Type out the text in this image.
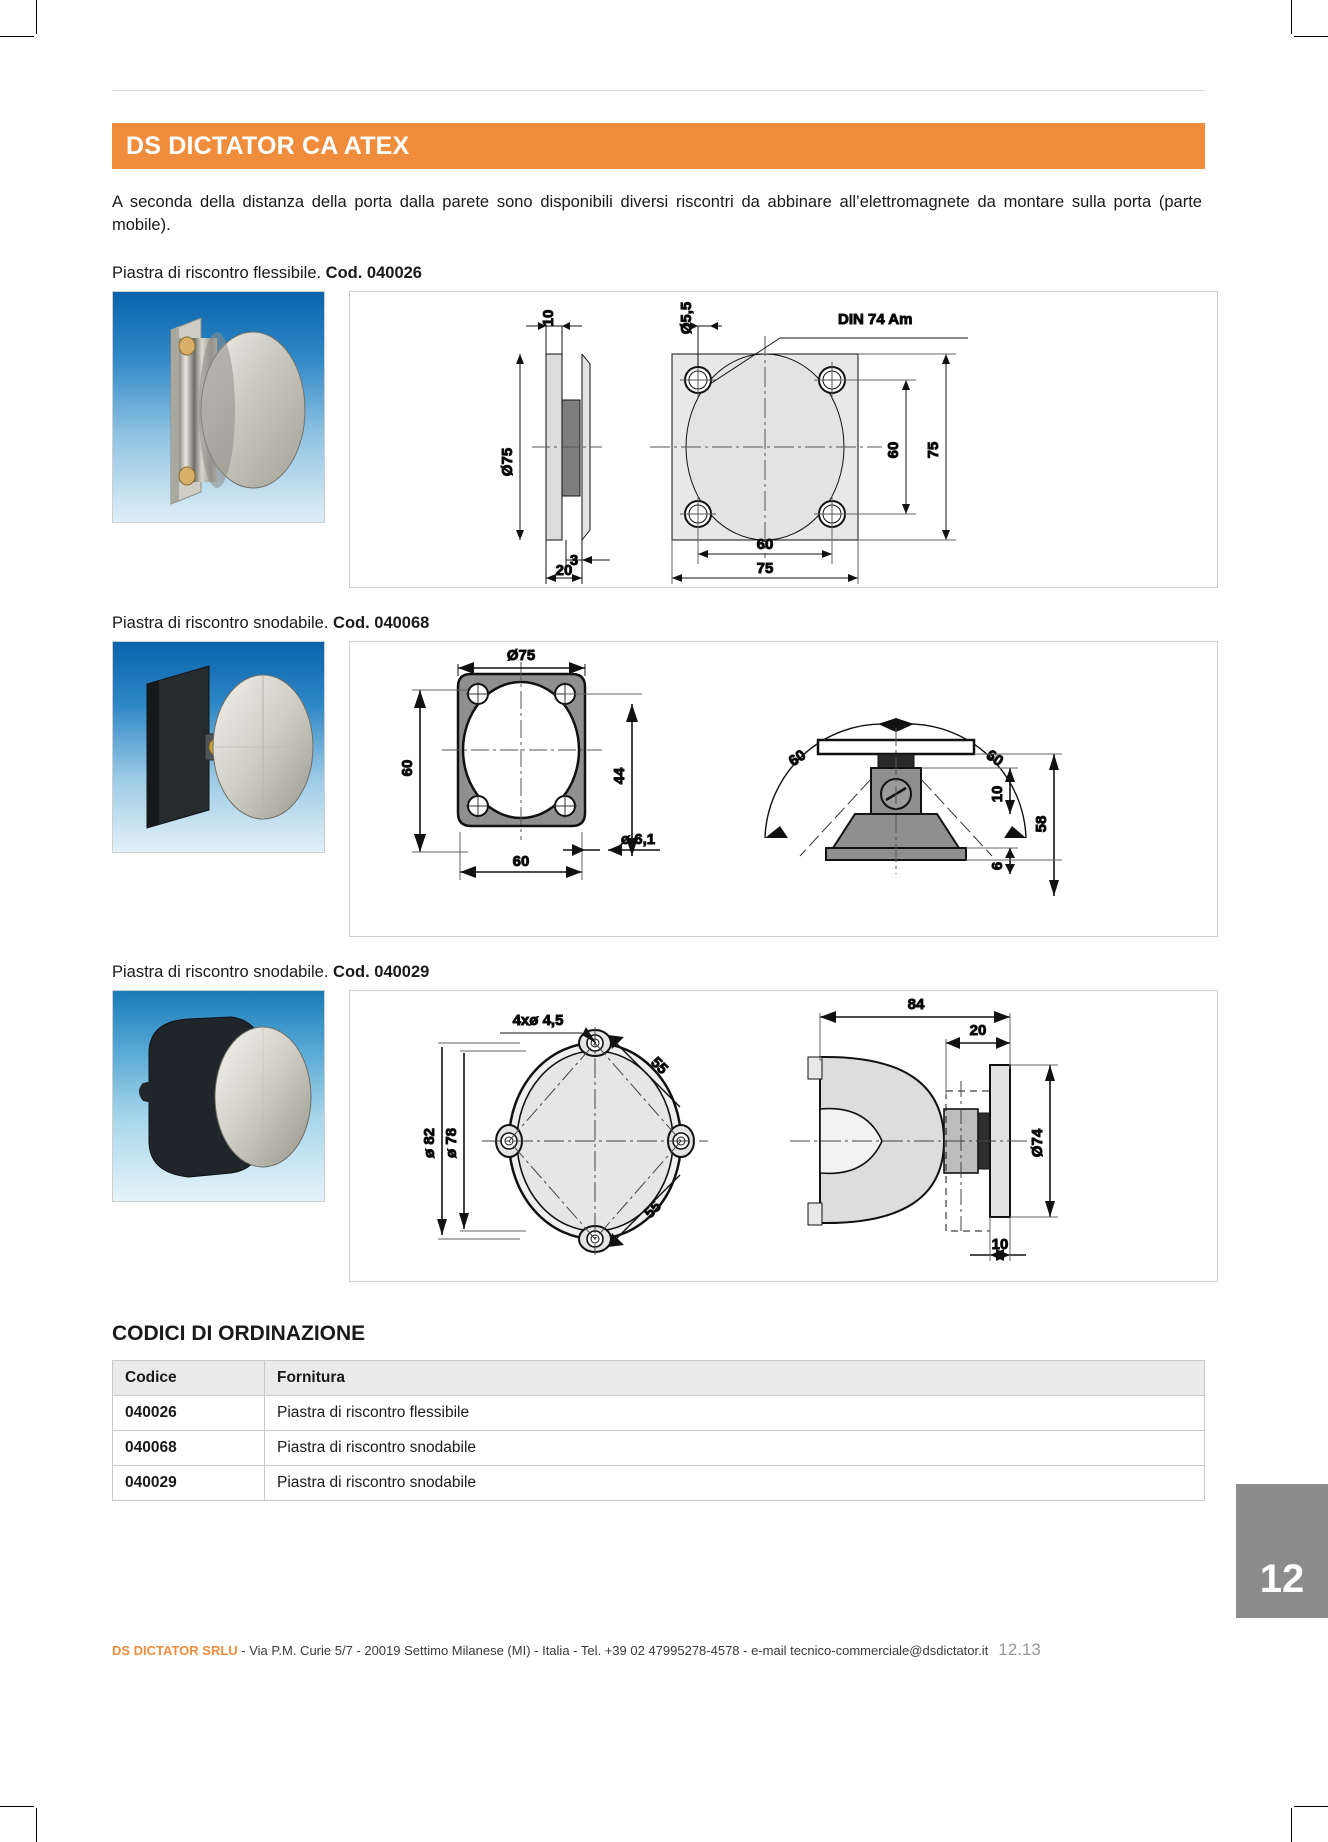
DS DICTATOR CA ATEX

A seconda della distanza della porta dalla parete sono disponibili diversi riscontri da abbinare all’elettromagnete da montare sulla porta (parte mobile).

Piastra di riscontro flessibile. Cod. 040026
Ø75
10
3
20
Ø5,5	DIN 74 Am
60 75
60
75
Piastra di riscontro snodabile. Cod. 040068
Ø75
60	44
60
ø 6,1
60	60
10
6
58
Piastra di riscontro snodabile. Cod. 040029
4xø 4,5
55
55
ø 82 ø 78
84
20
Ø74
10
CODICI DI ORDINAZIONE
Codice	Fornitura
040026	Piastra di riscontro flessibile
040068	Piastra di riscontro snodabile
040029	Piastra di riscontro snodabile
12
DS DICTATOR SRLU - Via P.M. Curie 5/7 - 20019 Settimo Milanese (MI) - Italia - Tel. +39 02 47995278-4578 - e-mail tecnico-commerciale@dsdictator.it 12.13
